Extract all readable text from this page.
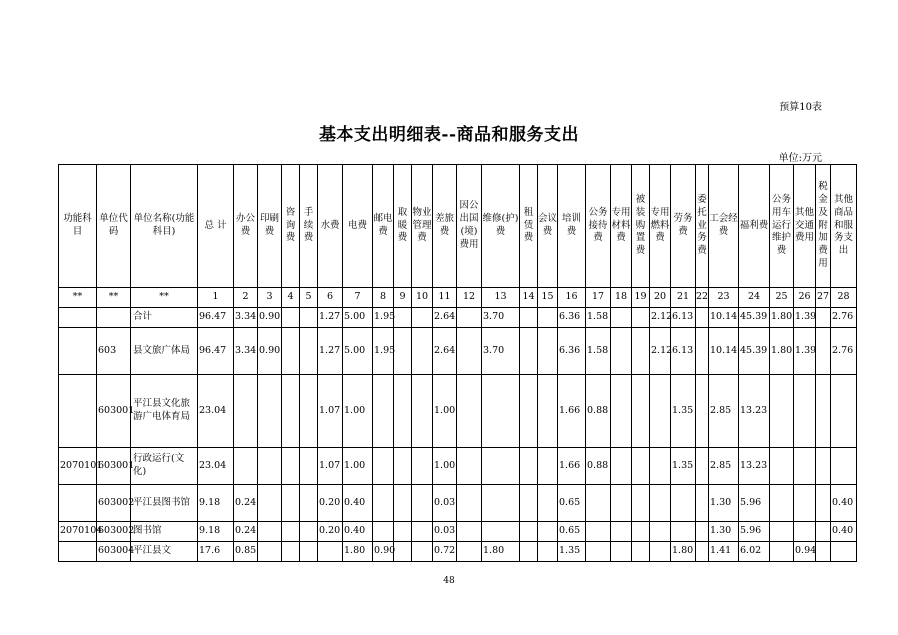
预算10表
基本支出明细表--商品和服务支出
单位:万元
功能科目	单位代码	单位名称(功能科目)	总 计	办公费	印刷费	咨询费	手续费	水费	电费	邮电费	取暖费	物业管理费	差旅费	因公出国(境)费用	维修(护)费	租赁费	会议费	培训费	公务接待费	专用材料费	被装购置费	专用燃料费	劳务费	委托业务费	工会经费	福利费	公务用车运行维护费	其他交通费用	税金及附加费用	其他商品和服务支出
**	**	**	1	2	3	4	5	6	7	8	9	10	11	12	13	14	15	16	17	18	19	20	21	22	23	24	25	26	27	28
		合计	96.47	3.34	0.90			1.27	5.00	1.95			2.64		3.70			6.36	1.58			2.12	6.13		10.14	45.39	1.80	1.39		2.76
	603	县文旅广体局	96.47	3.34	0.90			1.27	5.00	1.95			2.64		3.70			6.36	1.58			2.12	6.13		10.14	45.39	1.80	1.39		2.76
	603001	平江县文化旅游广电体育局	23.04					1.07	1.00				1.00					1.66	0.88				1.35		2.85	13.23				
2070101	603001	行政运行(文化)	23.04					1.07	1.00				1.00					1.66	0.88				1.35		2.85	13.23				
	603002	平江县图书馆	9.18	0.24				0.20	0.40				0.03					0.65							1.30	5.96				0.40
2070104	603002	图书馆	9.18	0.24				0.20	0.40				0.03					0.65							1.30	5.96				0.40
	603004	平江县文	17.6	0.85					1.80	0.90			0.72		1.80			1.35					1.80		1.41	6.02		0.94		
48
